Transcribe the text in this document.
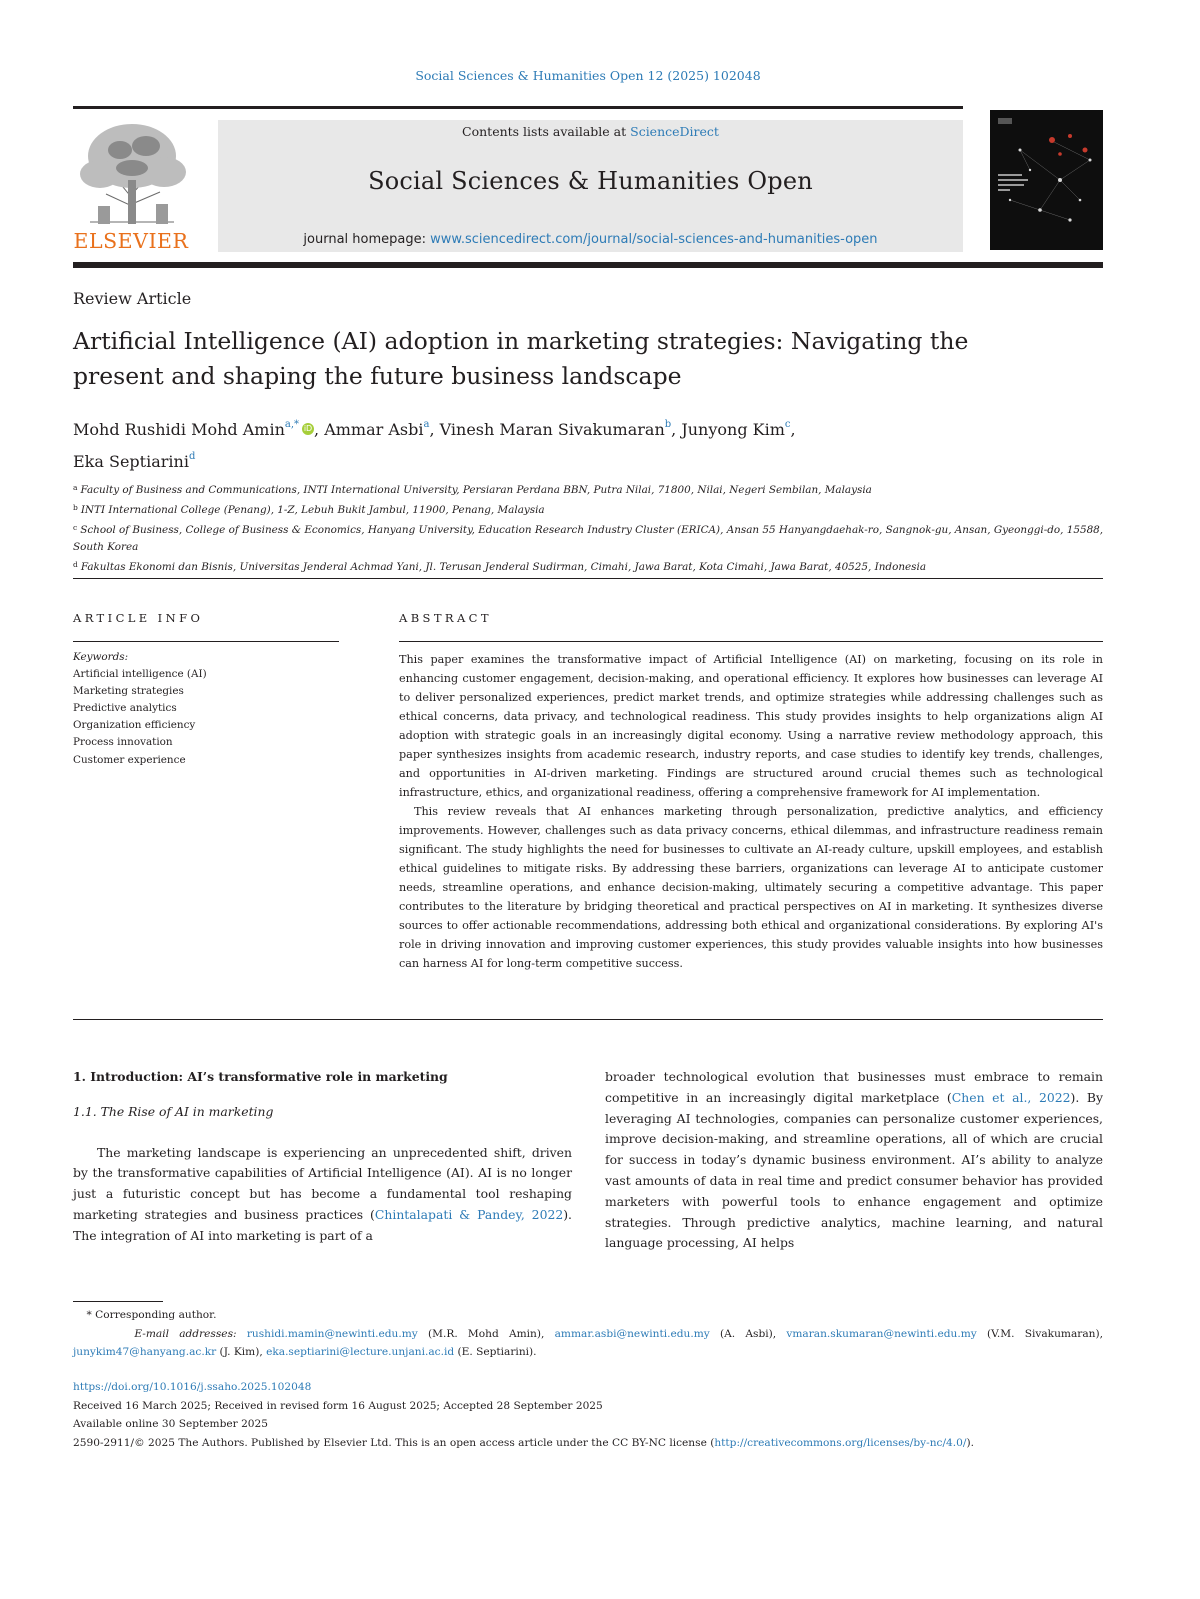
Social Sciences & Humanities Open 12 (2025) 102048
ELSEVIER
Contents lists available at ScienceDirect
Social Sciences & Humanities Open
journal homepage: www.sciencedirect.com/journal/social-sciences-and-humanities-open
Review Article
Artificial Intelligence (AI) adoption in marketing strategies: Navigating the
present and shaping the future business landscape
Mohd Rushidi Mohd Amin$^{a,*}$ iD , Ammar Asbi$^a$, Vinesh Maran Sivakumaran$^b$, Junyong Kim$^c$,
Eka Septiarini$^d$
$^a$ Faculty of Business and Communications, INTI International University, Persiaran Perdana BBN, Putra Nilai, 71800, Nilai, Negeri Sembilan, Malaysia
$^b$ INTI International College (Penang), 1-Z, Lebuh Bukit Jambul, 11900, Penang, Malaysia
$^c$ School of Business, College of Business & Economics, Hanyang University, Education Research Industry Cluster (ERICA), Ansan 55 Hanyangdaehak-ro, Sangnok-gu, Ansan, Gyeonggi-do, 15588, South Korea
$^d$ Fakultas Ekonomi dan Bisnis, Universitas Jenderal Achmad Yani, Jl. Terusan Jenderal Sudirman, Cimahi, Jawa Barat, Kota Cimahi, Jawa Barat, 40525, Indonesia
ARTICLE INFO	ABSTRACT
Keywords:
Artificial intelligence (AI)
Marketing strategies
Predictive analytics
Organization efficiency
Process innovation
Customer experience

This paper examines the transformative impact of Artificial Intelligence (AI) on marketing, focusing on its role in enhancing customer engagement, decision-making, and operational efficiency. It explores how businesses can leverage AI to deliver personalized experiences, predict market trends, and optimize strategies while addressing challenges such as ethical concerns, data privacy, and technological readiness. This study provides insights to help organizations align AI adoption with strategic goals in an increasingly digital economy. Using a narrative review methodology approach, this paper synthesizes insights from academic research, industry reports, and case studies to identify key trends, challenges, and opportunities in AI-driven marketing. Findings are structured around crucial themes such as technological infrastructure, ethics, and organizational readiness, offering a comprehensive framework for AI implementation.

This review reveals that AI enhances marketing through personalization, predictive analytics, and efficiency improvements. However, challenges such as data privacy concerns, ethical dilemmas, and infrastructure readiness remain significant. The study highlights the need for businesses to cultivate an AI-ready culture, upskill employees, and establish ethical guidelines to mitigate risks. By addressing these barriers, organizations can leverage AI to anticipate customer needs, streamline operations, and enhance decision-making, ultimately securing a competitive advantage. This paper contributes to the literature by bridging theoretical and practical perspectives on AI in marketing. It synthesizes diverse sources to offer actionable recommendations, addressing both ethical and organizational considerations. By exploring AI's role in driving innovation and improving customer experiences, this study provides valuable insights into how businesses can harness AI for long-term competitive success.

1. Introduction: AI’s transformative role in marketing

1.1. The Rise of AI in marketing

The marketing landscape is experiencing an unprecedented shift, driven by the transformative capabilities of Artificial Intelligence (AI). AI is no longer just a futuristic concept but has become a fundamental tool reshaping marketing strategies and business practices (Chintalapati & Pandey, 2022). The integration of AI into marketing is part of a

broader technological evolution that businesses must embrace to remain competitive in an increasingly digital marketplace (Chen et al., 2022). By leveraging AI technologies, companies can personalize customer experiences, improve decision-making, and streamline operations, all of which are crucial for success in today’s dynamic business environment. AI’s ability to analyze vast amounts of data in real time and predict consumer behavior has provided marketers with powerful tools to enhance engagement and optimize strategies. Through predictive analytics, machine learning, and natural language processing, AI helps

* Corresponding author.
E-mail addresses: rushidi.mamin@newinti.edu.my (M.R. Mohd Amin), ammar.asbi@newinti.edu.my (A. Asbi), vmaran.skumaran@newinti.edu.my (V.M. Sivakumaran), junykim47@hanyang.ac.kr (J. Kim), eka.septiarini@lecture.unjani.ac.id (E. Septiarini).
https://doi.org/10.1016/j.ssaho.2025.102048
Received 16 March 2025; Received in revised form 16 August 2025; Accepted 28 September 2025
Available online 30 September 2025
2590-2911/© 2025 The Authors. Published by Elsevier Ltd. This is an open access article under the CC BY-NC license (http://creativecommons.org/licenses/by-nc/4.0/).
